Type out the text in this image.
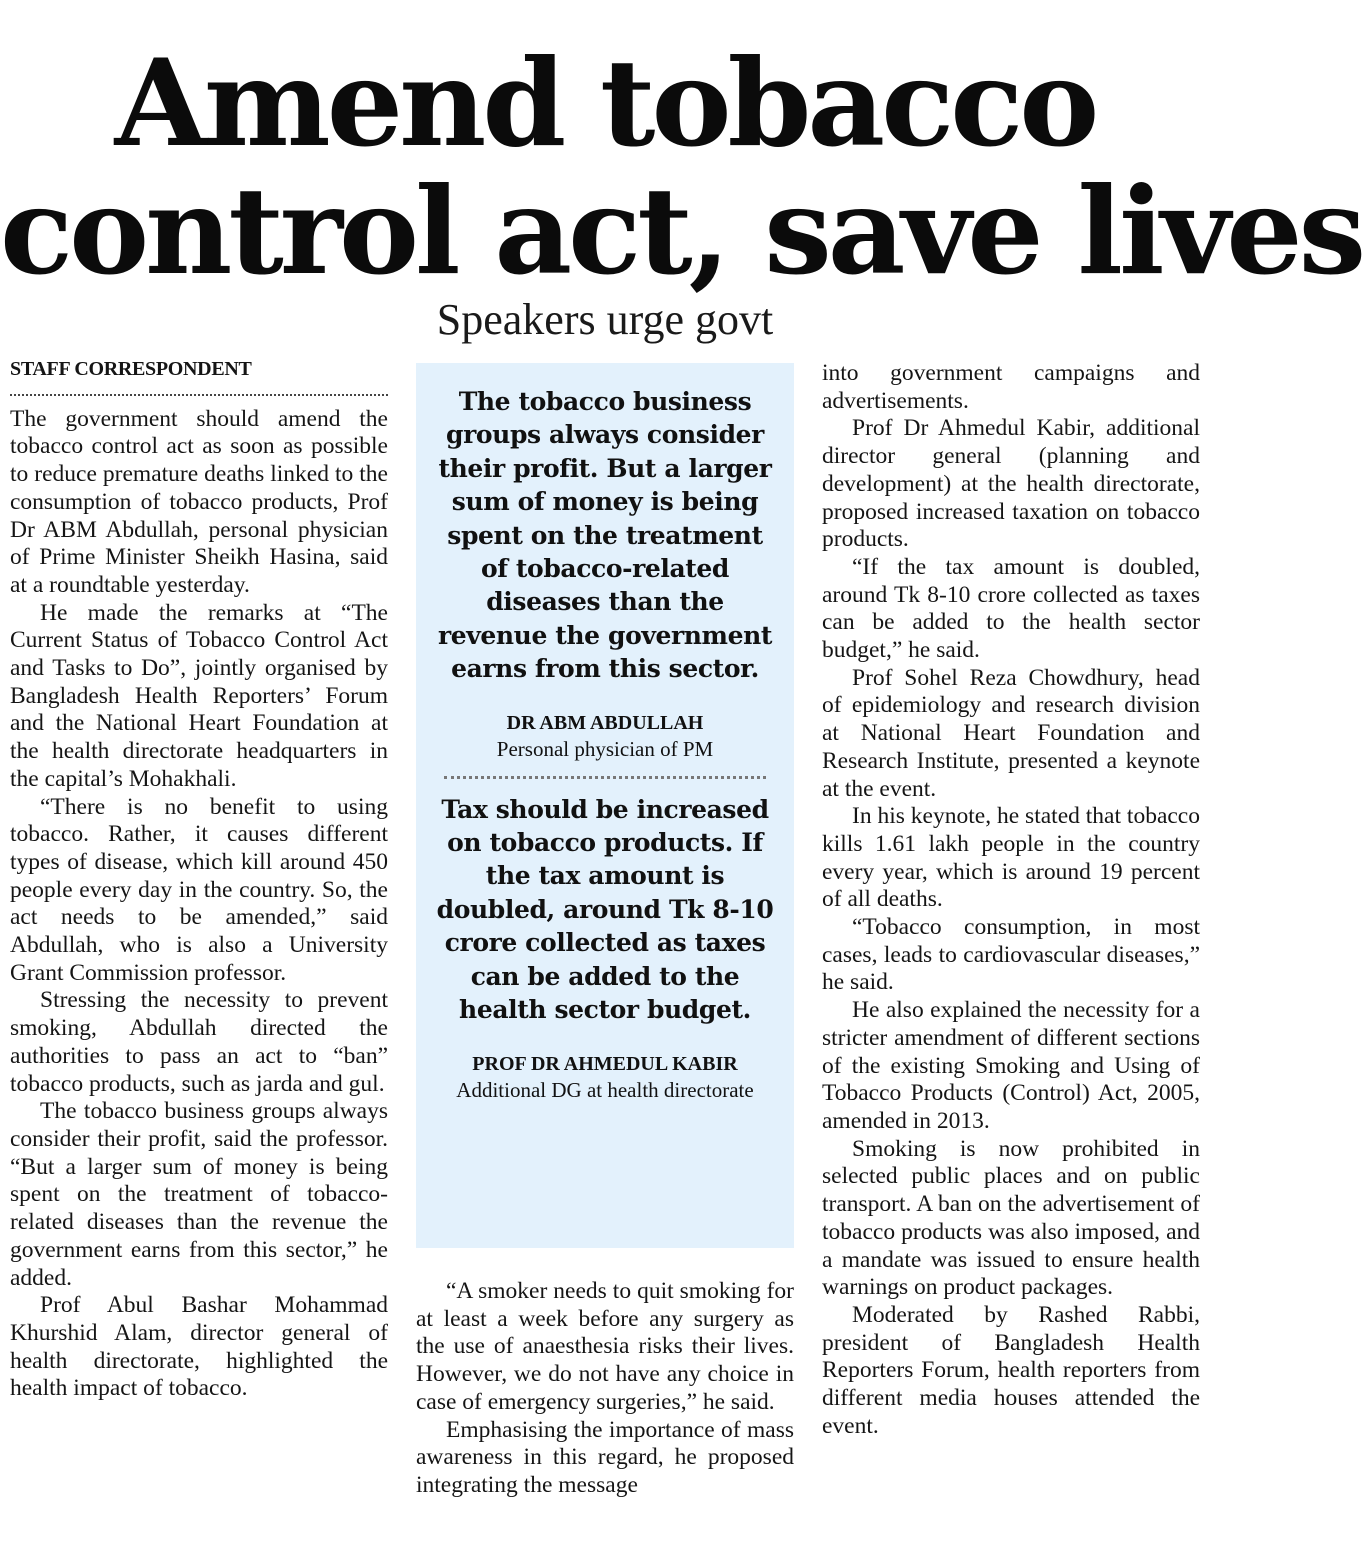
Amend tobacco
control act, save lives
Speakers urge govt
STAFF CORRESPONDENT

The government should amend the tobacco control act as soon as possible to reduce premature deaths linked to the consumption of tobacco products, Prof Dr ABM Abdullah, personal physician of Prime Minister Sheikh Hasina, said at a roundtable yesterday.

He made the remarks at “The Current Status of Tobacco Control Act and Tasks to Do”, jointly organised by Bangladesh Health Reporters’ Forum and the National Heart Foundation at the health directorate headquarters in the capital’s Mohakhali.

“There is no benefit to using tobacco. Rather, it causes different types of disease, which kill around 450 people every day in the country. So, the act needs to be amended,” said Abdullah, who is also a University Grant Commission professor.

Stressing the necessity to prevent smoking, Abdullah directed the authorities to pass an act to “ban” tobacco products, such as jarda and gul.

The tobacco business groups always consider their profit, said the professor. “But a larger sum of money is being spent on the treatment of tobacco-related diseases than the revenue the government earns from this sector,” he added.

Prof Abul Bashar Mohammad Khurshid Alam, director general of health directorate, highlighted the health impact of tobacco.

The tobacco business groups always consider their profit. But a larger sum of money is being spent on the treatment of tobacco-related diseases than the revenue the government earns from this sector.
DR ABM ABDULLAH
Personal physician of PM
Tax should be increased on tobacco products. If the tax amount is doubled, around Tk 8-10 crore collected as taxes can be added to the health sector budget.
PROF DR AHMEDUL KABIR
Additional DG at health directorate

“A smoker needs to quit smoking for at least a week before any surgery as the use of anaesthesia risks their lives. However, we do not have any choice in case of emergency surgeries,” he said.

Emphasising the importance of mass awareness in this regard, he proposed integrating the message

into government campaigns and advertisements.

Prof Dr Ahmedul Kabir, additional director general (planning and development) at the health directorate, proposed increased taxation on tobacco products.

“If the tax amount is doubled, around Tk 8-10 crore collected as taxes can be added to the health sector budget,” he said.

Prof Sohel Reza Chowdhury, head of epidemiology and research division at National Heart Foundation and Research Institute, presented a keynote at the event.

In his keynote, he stated that tobacco kills 1.61 lakh people in the country every year, which is around 19 percent of all deaths.

“Tobacco consumption, in most cases, leads to cardiovascular diseases,” he said.

He also explained the necessity for a stricter amendment of different sections of the existing Smoking and Using of Tobacco Products (Control) Act, 2005, amended in 2013.

Smoking is now prohibited in selected public places and on public transport. A ban on the advertisement of tobacco products was also imposed, and a mandate was issued to ensure health warnings on product packages.

Moderated by Rashed Rabbi, president of Bangladesh Health Reporters Forum, health reporters from different media houses attended the event.
